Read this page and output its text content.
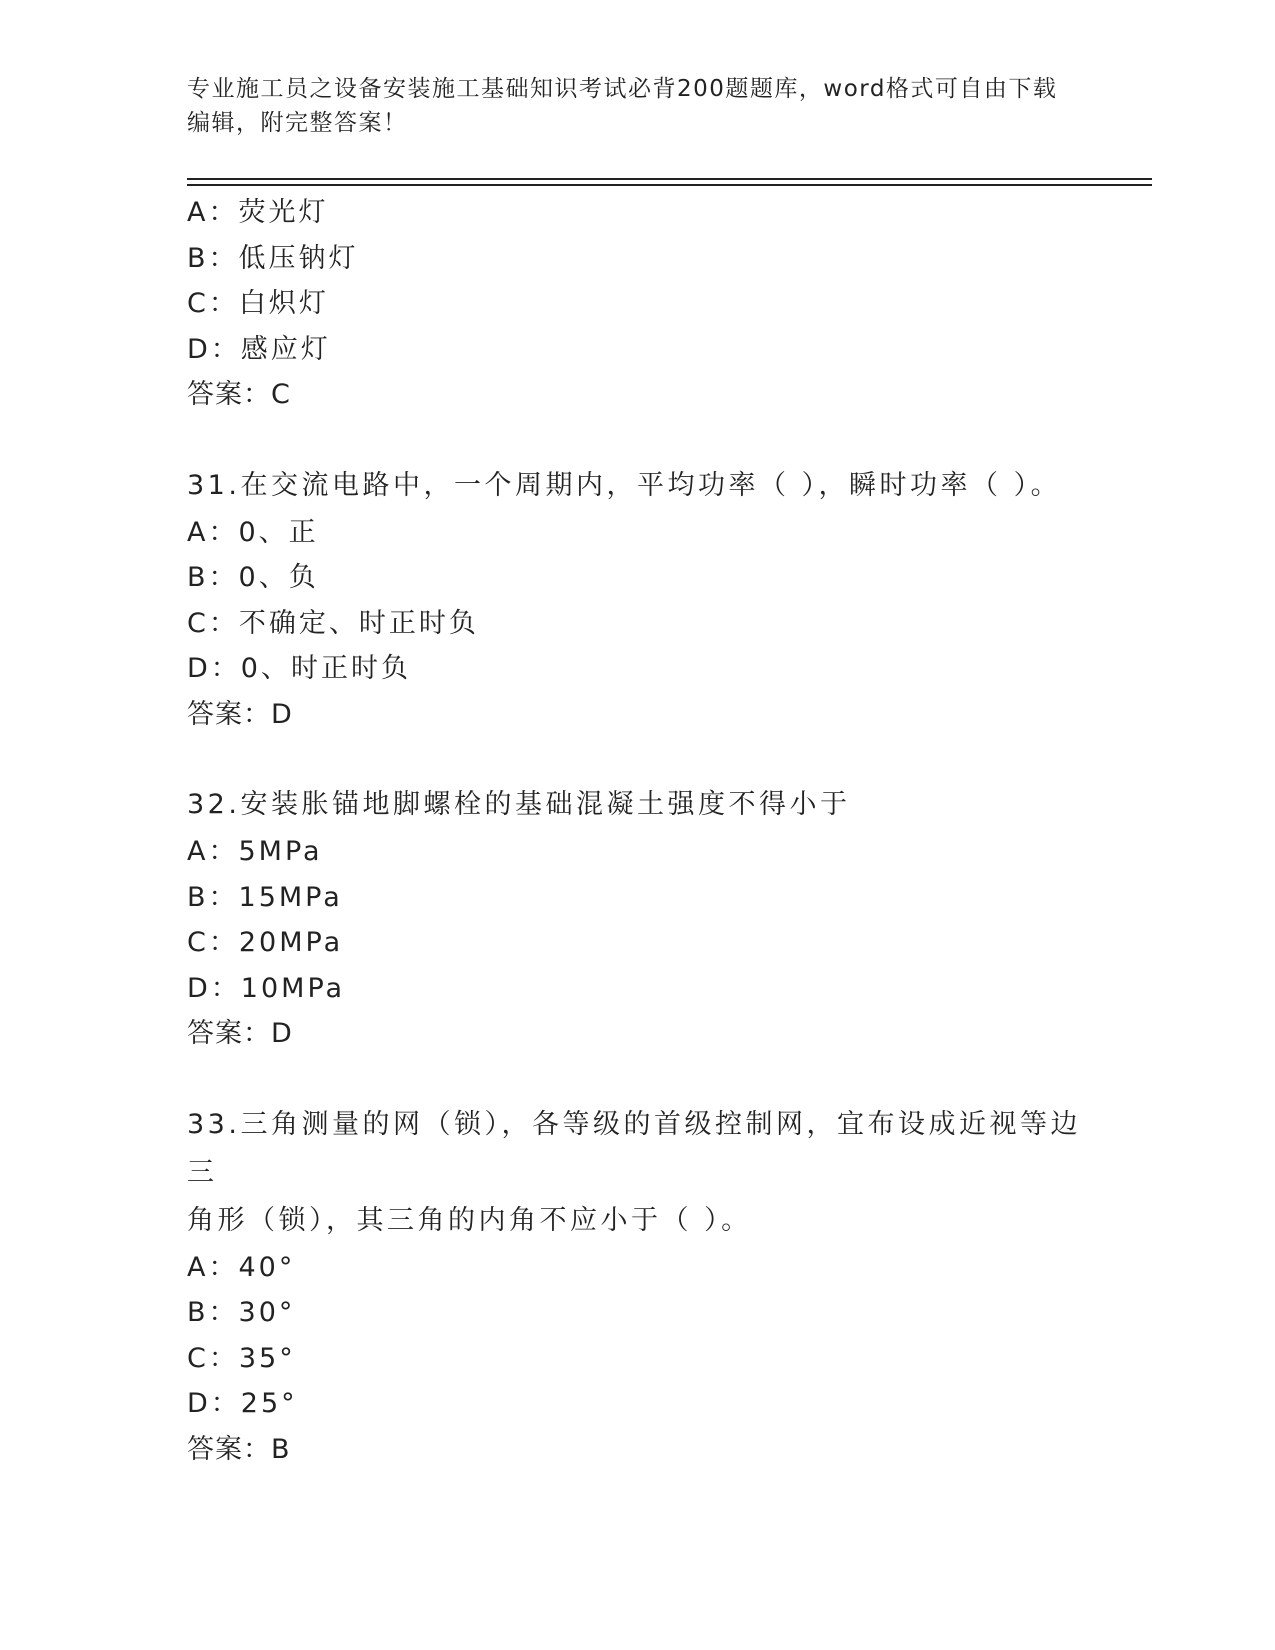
专业施工员之设备安装施工基础知识考试必背200题题库，word格式可自由下载
编辑，附完整答案！
A：荧光灯
B：低压钠灯
C：白炽灯
D：感应灯
答案：C
31.在交流电路中，一个周期内，平均功率（ ），瞬时功率（ ）。
A：0、正
B：0、负
C：不确定、时正时负
D：0、时正时负
答案：D
32.安装胀锚地脚螺栓的基础混凝土强度不得小于
A：5MPa
B：15MPa
C：20MPa
D：10MPa
答案：D
33.三角测量的网（锁），各等级的首级控制网，宜布设成近视等边三
角形（锁），其三角的内角不应小于（ ）。
A：40°
B：30°
C：35°
D：25°
答案：B
